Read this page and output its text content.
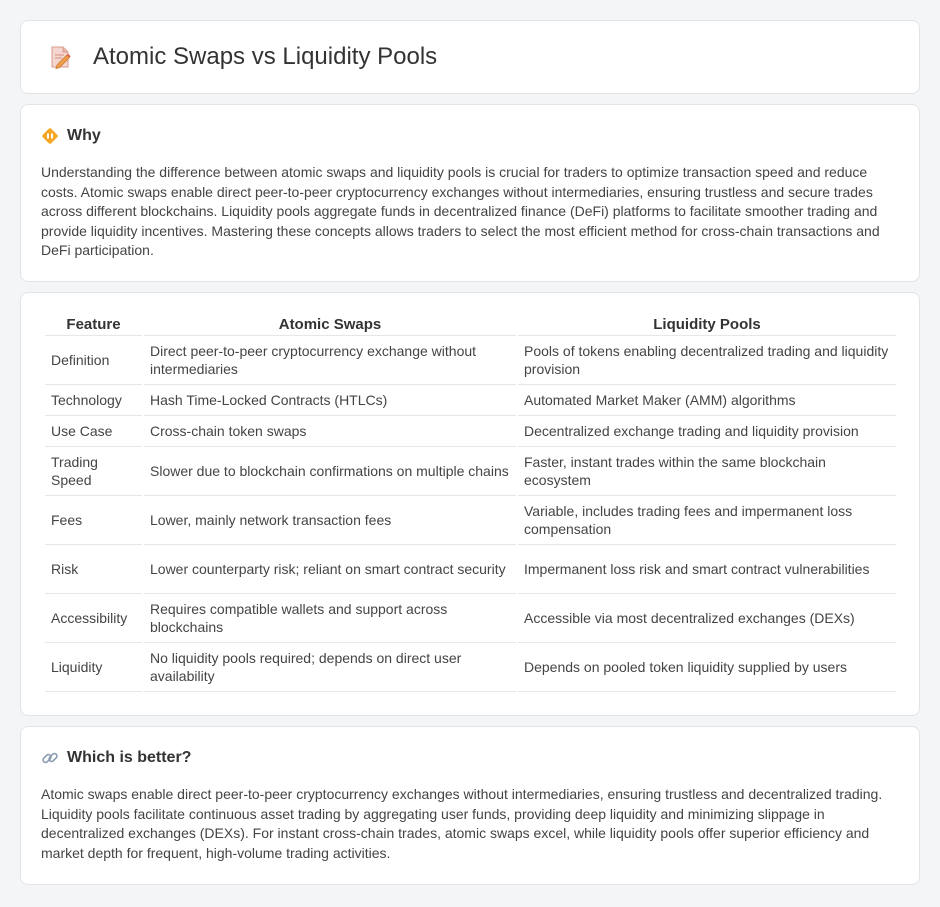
Atomic Swaps vs Liquidity Pools
Why

Understanding the difference between atomic swaps and liquidity pools is crucial for traders to optimize transaction speed and reduce costs. Atomic swaps enable direct peer-to-peer cryptocurrency exchanges without intermediaries, ensuring trustless and secure trades across different blockchains. Liquidity pools aggregate funds in decentralized finance (DeFi) platforms to facilitate smoother trading and provide liquidity incentives. Mastering these concepts allows traders to select the most efficient method for cross-chain transactions and DeFi participation.

Feature	Atomic Swaps	Liquidity Pools
Definition	Direct peer-to-peer cryptocurrency exchange without intermediaries	Pools of tokens enabling decentralized trading and liquidity provision
Technology	Hash Time-Locked Contracts (HTLCs)	Automated Market Maker (AMM) algorithms
Use Case	Cross-chain token swaps	Decentralized exchange trading and liquidity provision
Trading Speed	Slower due to blockchain confirmations on multiple chains	Faster, instant trades within the same blockchain ecosystem
Fees	Lower, mainly network transaction fees	Variable, includes trading fees and impermanent loss compensation
Risk	Lower counterparty risk; reliant on smart contract security	Impermanent loss risk and smart contract vulnerabilities
Accessibility	Requires compatible wallets and support across blockchains	Accessible via most decentralized exchanges (DEXs)
Liquidity	No liquidity pools required; depends on direct user availability	Depends on pooled token liquidity supplied by users
Which is better?

Atomic swaps enable direct peer-to-peer cryptocurrency exchanges without intermediaries, ensuring trustless and decentralized trading. Liquidity pools facilitate continuous asset trading by aggregating user funds, providing deep liquidity and minimizing slippage in decentralized exchanges (DEXs). For instant cross-chain trades, atomic swaps excel, while liquidity pools offer superior efficiency and market depth for frequent, high-volume trading activities.
